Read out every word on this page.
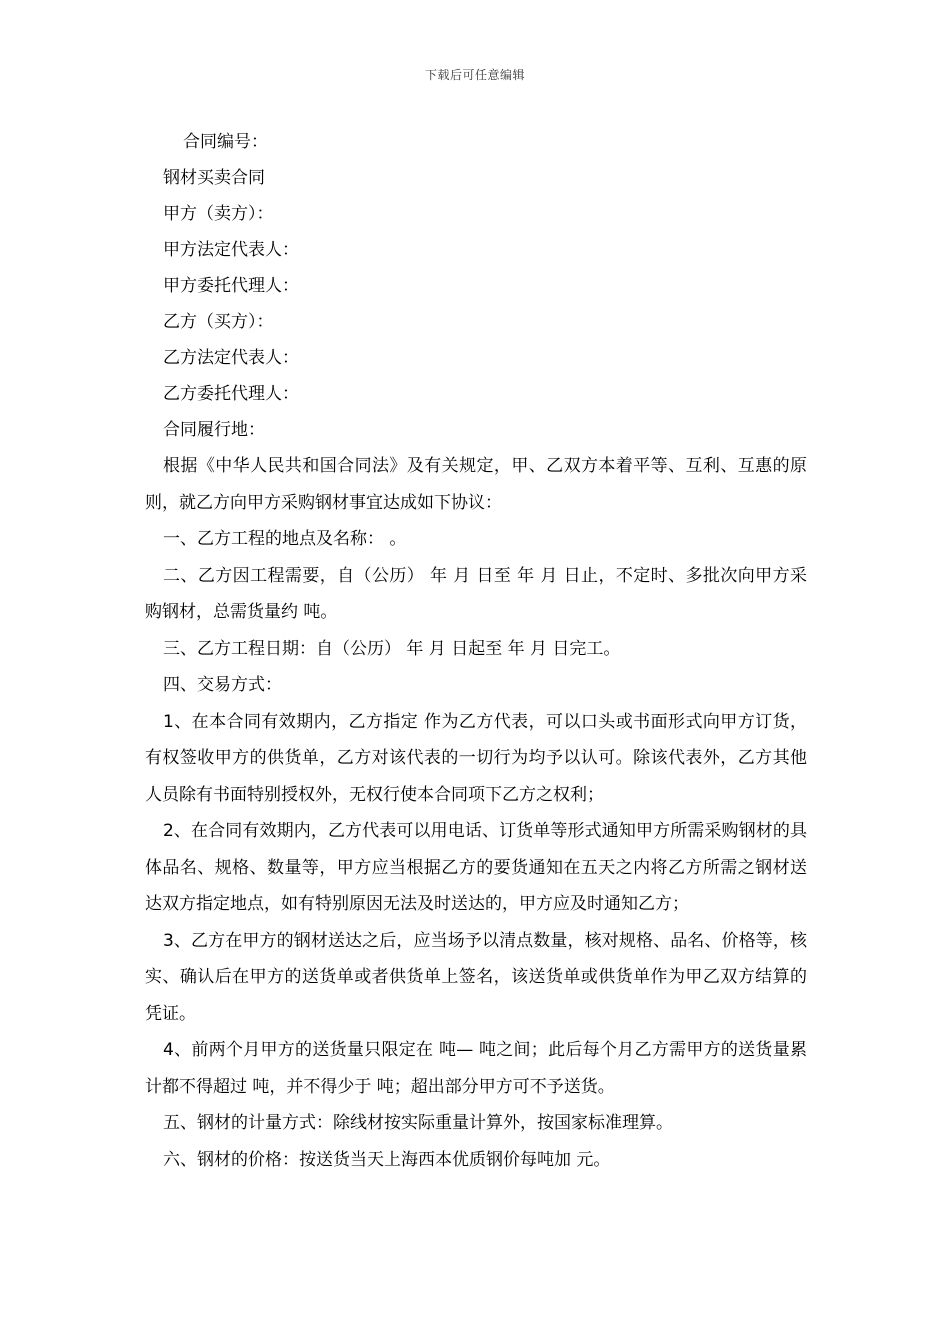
下载后可任意编辑
合同编号：
钢材买卖合同
甲方（卖方）：
甲方法定代表人：
甲方委托代理人：
乙方（买方）：
乙方法定代表人：
乙方委托代理人：
合同履行地：
根据《中华人民共和国合同法》及有关规定，甲、乙双方本着平等、互利、互惠的原则，就乙方向甲方采购钢材事宜达成如下协议：
一、乙方工程的地点及名称： 。
二、乙方因工程需要，自（公历） 年 月 日至 年 月 日止，不定时、多批次向甲方采购钢材，总需货量约 吨。
三、乙方工程日期：自（公历） 年 月 日起至 年 月 日完工。
四、交易方式：
1、在本合同有效期内，乙方指定 作为乙方代表，可以口头或书面形式向甲方订货，有权签收甲方的供货单，乙方对该代表的一切行为均予以认可。除该代表外，乙方其他人员除有书面特别授权外，无权行使本合同项下乙方之权利；
2、在合同有效期内，乙方代表可以用电话、订货单等形式通知甲方所需采购钢材的具体品名、规格、数量等，甲方应当根据乙方的要货通知在五天之内将乙方所需之钢材送达双方指定地点，如有特别原因无法及时送达的，甲方应及时通知乙方；
3、乙方在甲方的钢材送达之后，应当场予以清点数量，核对规格、品名、价格等，核实、确认后在甲方的送货单或者供货单上签名，该送货单或供货单作为甲乙双方结算的凭证。
4、前两个月甲方的送货量只限定在 吨— 吨之间；此后每个月乙方需甲方的送货量累计都不得超过 吨，并不得少于 吨；超出部分甲方可不予送货。
五、钢材的计量方式：除线材按实际重量计算外，按国家标准理算。
六、钢材的价格：按送货当天上海西本优质钢价每吨加 元。
